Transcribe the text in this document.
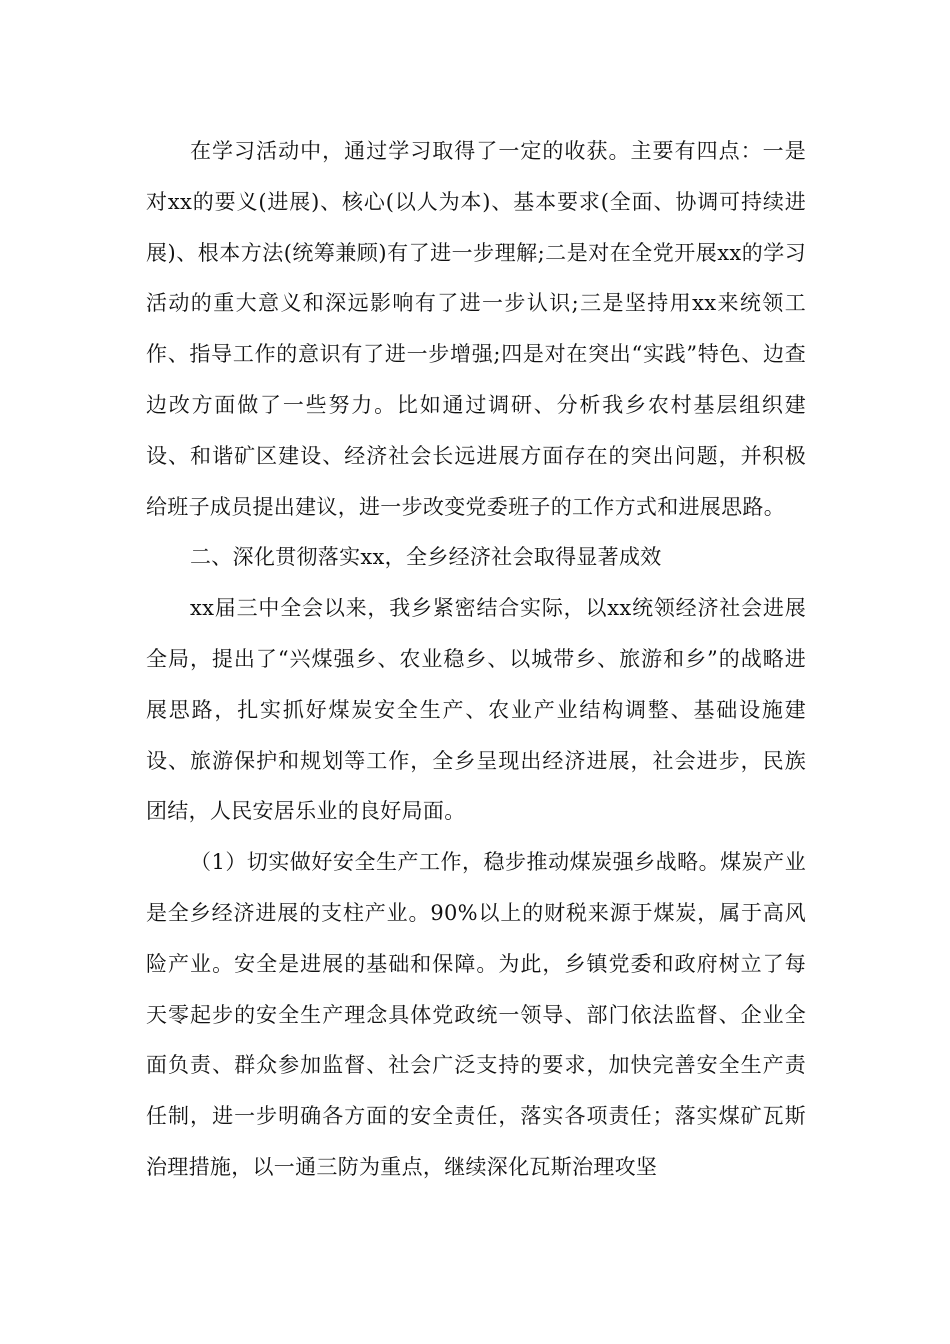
在学习活动中，通过学习取得了一定的收获。主要有四点：一是对xx的要义(进展)、核心(以人为本)、基本要求(全面、协调可持续进展)、根本方法(统筹兼顾)有了进一步理解;二是对在全党开展xx的学习活动的重大意义和深远影响有了进一步认识;三是坚持用xx来统领工作、指导工作的意识有了进一步增强;四是对在突出“实践”特色、边查边改方面做了一些努力。比如通过调研、分析我乡农村基层组织建设、和谐矿区建设、经济社会长远进展方面存在的突出问题，并积极给班子成员提出建议，进一步改变党委班子的工作方式和进展思路。

二、深化贯彻落实xx，全乡经济社会取得显著成效

xx届三中全会以来，我乡紧密结合实际，以xx统领经济社会进展全局，提出了“兴煤强乡、农业稳乡、以城带乡、旅游和乡”的战略进展思路，扎实抓好煤炭安全生产、农业产业结构调整、基础设施建设、旅游保护和规划等工作，全乡呈现出经济进展，社会进步，民族团结，人民安居乐业的良好局面。

（1）切实做好安全生产工作，稳步推动煤炭强乡战略。煤炭产业是全乡经济进展的支柱产业。90%以上的财税来源于煤炭，属于高风险产业。安全是进展的基础和保障。为此，乡镇党委和政府树立了每天零起步的安全生产理念具体党政统一领导、部门依法监督、企业全面负责、群众参加监督、社会广泛支持的要求，加快完善安全生产责任制，进一步明确各方面的安全责任，落实各项责任；落实煤矿瓦斯治理措施，以一通三防为重点，继续深化瓦斯治理攻坚
